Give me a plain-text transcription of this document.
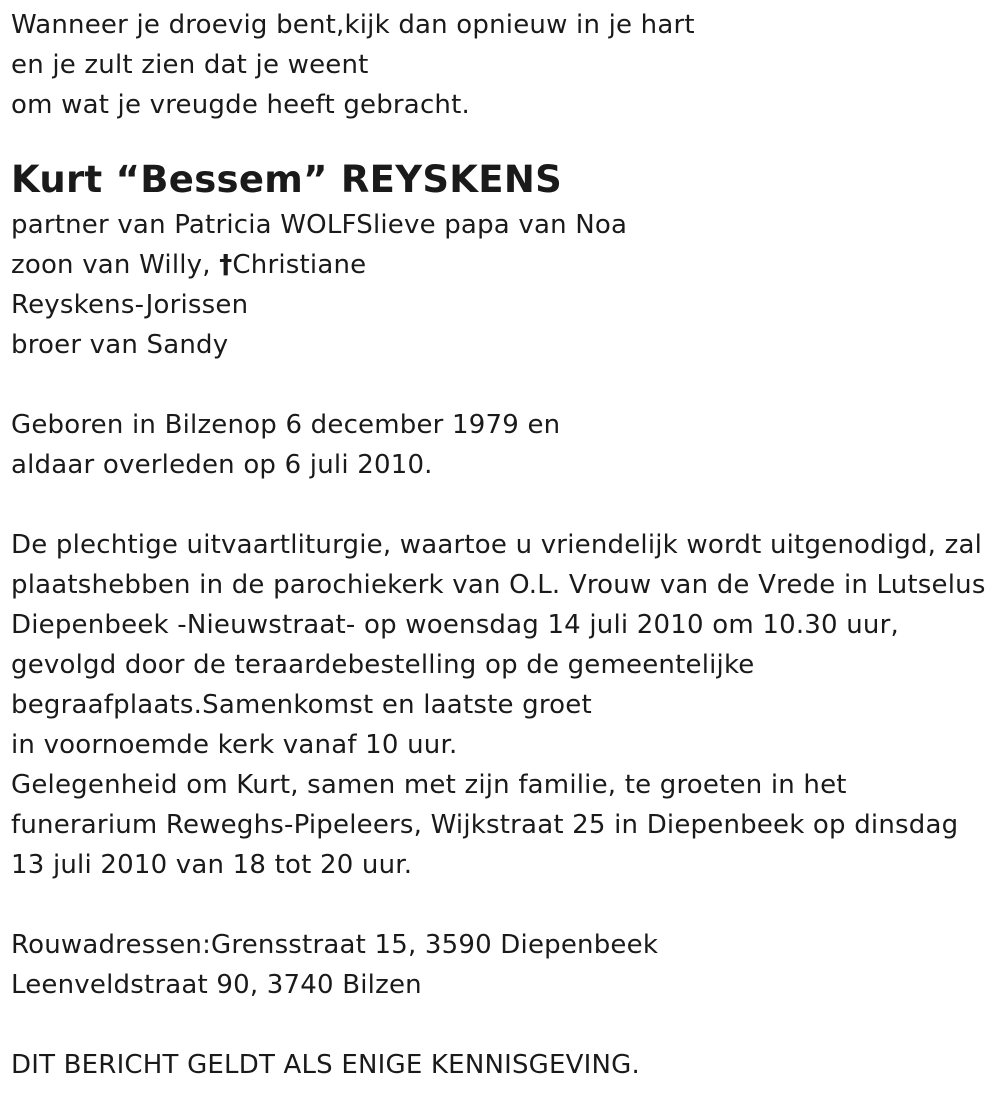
Wanneer je droevig bent,kijk dan opnieuw in je hart
en je zult zien dat je weent
om wat je vreugde heeft gebracht.
Kurt “Bessem” REYSKENS
partner van Patricia WOLFSlieve papa van Noa
zoon van Willy, †Christiane
Reyskens-Jorissen
broer van Sandy
Geboren in Bilzenop 6 december 1979 en
aldaar overleden op 6 juli 2010.
De plechtige uitvaartliturgie, waartoe u vriendelijk wordt uitgenodigd, zal
plaatshebben in de parochiekerk van O.L. Vrouw van de Vrede in Lutselus
Diepenbeek -Nieuwstraat- op woensdag 14 juli 2010 om 10.30 uur,
gevolgd door de teraardebestelling op de gemeentelijke
begraafplaats.Samenkomst en laatste groet
in voornoemde kerk vanaf 10 uur.
Gelegenheid om Kurt, samen met zijn familie, te groeten in het
funerarium Reweghs-Pipeleers, Wijkstraat 25 in Diepenbeek op dinsdag
13 juli 2010 van 18 tot 20 uur.
Rouwadressen:Grensstraat 15, 3590 Diepenbeek
Leenveldstraat 90, 3740 Bilzen
DIT BERICHT GELDT ALS ENIGE KENNISGEVING.
